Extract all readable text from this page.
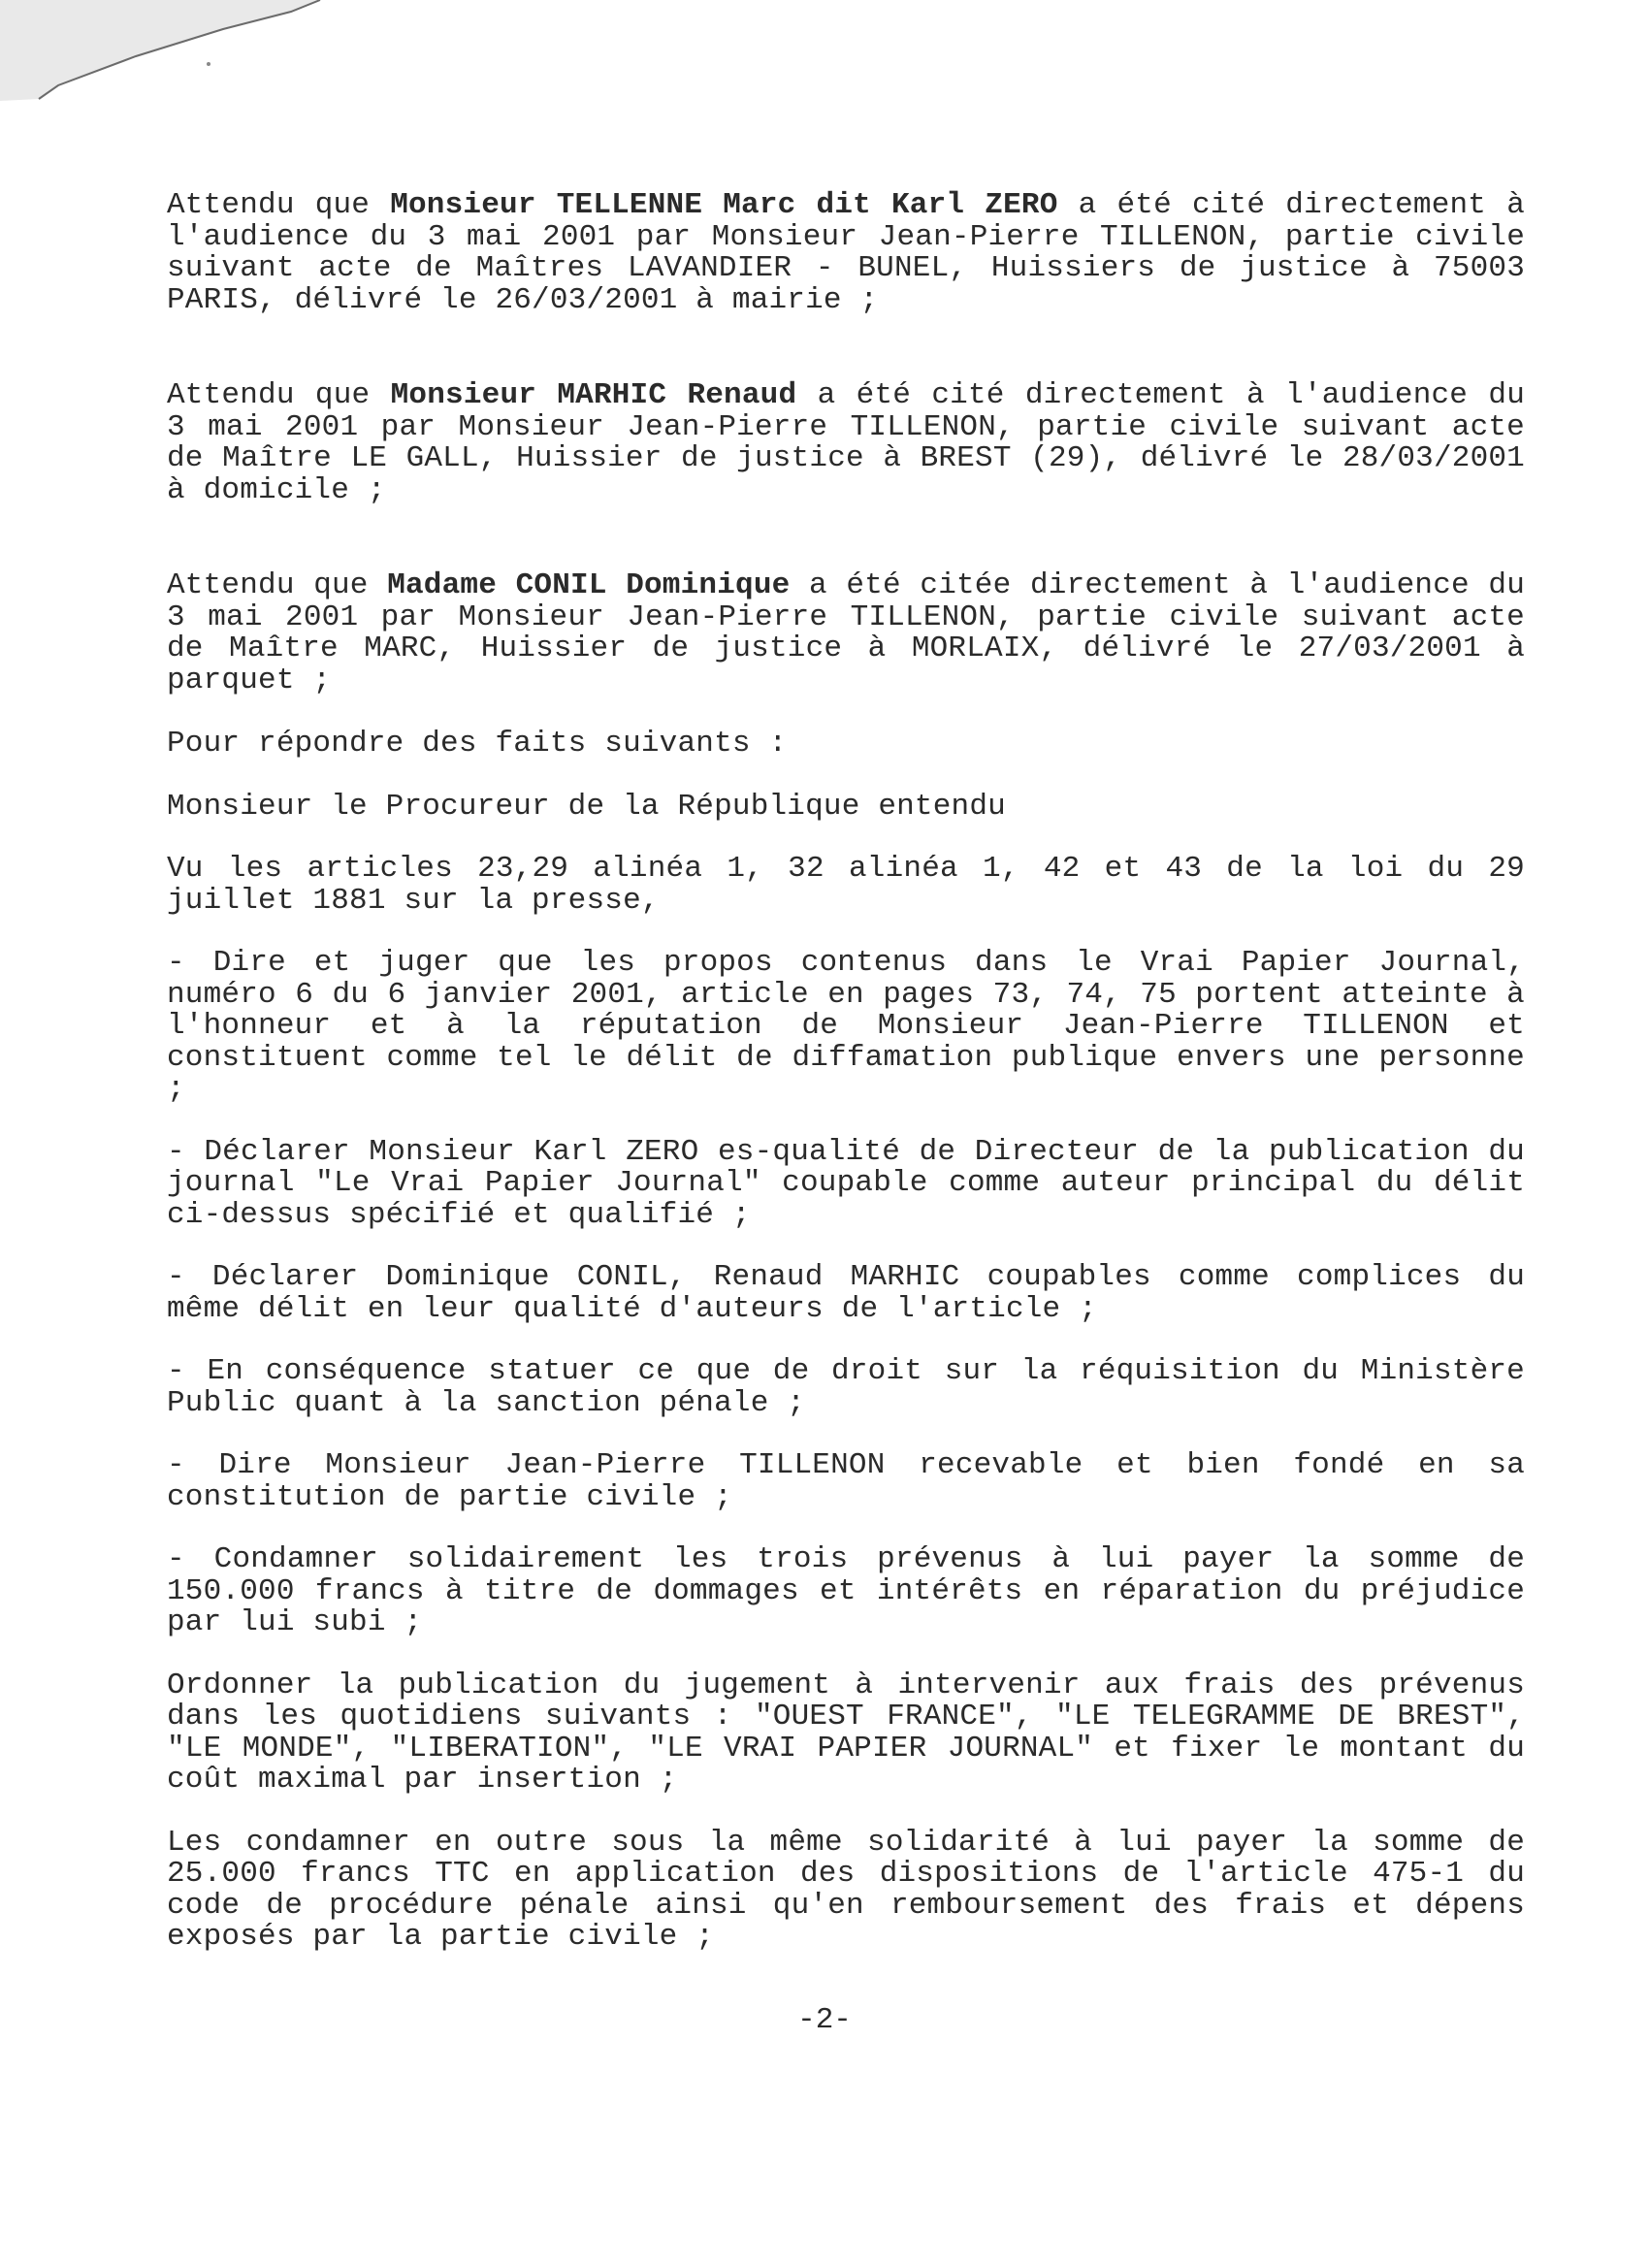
Attendu que Monsieur TELLENNE Marc dit Karl ZERO a été cité directement à l'audience du 3 mai 2001 par Monsieur Jean-Pierre TILLENON, partie civile suivant acte de Maîtres LAVANDIER - BUNEL, Huissiers de justice à 75003 PARIS, délivré le 26/03/2001 à mairie ;

Attendu que Monsieur MARHIC Renaud a été cité directement à l'audience du 3 mai 2001 par Monsieur Jean-Pierre TILLENON, partie civile suivant acte de Maître LE GALL, Huissier de justice à BREST (29), délivré le 28/03/2001 à domicile ;

Attendu que Madame CONIL Dominique a été citée directement à l'audience du 3 mai 2001 par Monsieur Jean-Pierre TILLENON, partie civile suivant acte de Maître MARC, Huissier de justice à MORLAIX, délivré le 27/03/2001 à parquet ;

Pour répondre des faits suivants :

Monsieur le Procureur de la République entendu

Vu les articles 23,29 alinéa 1, 32 alinéa 1, 42 et 43 de la loi du 29 juillet 1881 sur la presse,

- Dire et juger que les propos contenus dans le Vrai Papier Journal, numéro 6 du 6 janvier 2001, article en pages 73, 74, 75 portent atteinte à l'honneur et à la réputation de Monsieur Jean-Pierre TILLENON et constituent comme tel le délit de diffamation publique envers une personne ;

- Déclarer Monsieur Karl ZERO es-qualité de Directeur de la publication du journal "Le Vrai Papier Journal" coupable comme auteur principal du délit ci-dessus spécifié et qualifié ;

- Déclarer Dominique CONIL, Renaud MARHIC coupables comme complices du même délit en leur qualité d'auteurs de l'article ;

- En conséquence statuer ce que de droit sur la réquisition du Ministère Public quant à la sanction pénale ;

- Dire Monsieur Jean-Pierre TILLENON recevable et bien fondé en sa constitution de partie civile ;

- Condamner solidairement les trois prévenus à lui payer la somme de 150.000 francs à titre de dommages et intérêts en réparation du préjudice par lui subi ;

Ordonner la publication du jugement à intervenir aux frais des prévenus dans les quotidiens suivants : "OUEST FRANCE", "LE TELEGRAMME DE BREST", "LE MONDE", "LIBERATION", "LE VRAI PAPIER JOURNAL" et fixer le montant du coût maximal par insertion ;

Les condamner en outre sous la même solidarité à lui payer la somme de 25.000 francs TTC en application des dispositions de l'article 475-1 du code de procédure pénale ainsi qu'en remboursement des frais et dépens exposés par la partie civile ;

-2-
